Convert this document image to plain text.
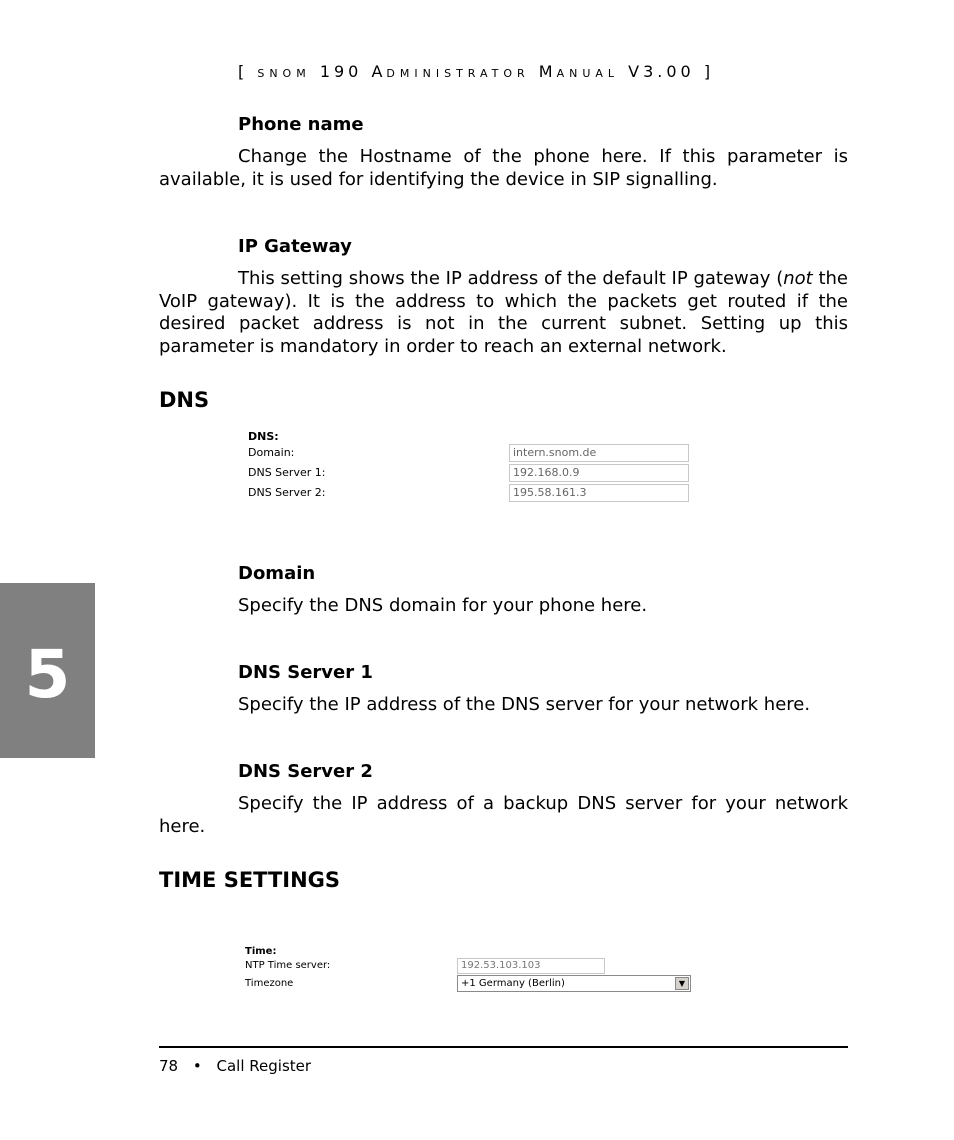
[ SNOM 190 ADMINISTRATOR MANUAL V3.00 ]
Phone name
Change the Hostname of the phone here. If this parameter is available, it is used for identifying the device in SIP signalling.
IP Gateway
This setting shows the IP address of the default IP gateway (not the VoIP gateway). It is the address to which the packets get routed if the desired packet address is not in the current subnet. Setting up this parameter is mandatory in order to reach an external network.
DNS
DNS:
Domain:	intern.snom.de
DNS Server 1:	192.168.0.9
DNS Server 2:	195.58.161.3
Domain
Specify the DNS domain for your phone here.
DNS Server 1
Specify the IP address of the DNS server for your network here.
DNS Server 2
Specify the IP address of a backup DNS server for your network here.
TIME SETTINGS
Time:
NTP Time server:	192.53.103.103
Timezone	+1 Germany (Berlin)	▼
5
78 • Call Register
